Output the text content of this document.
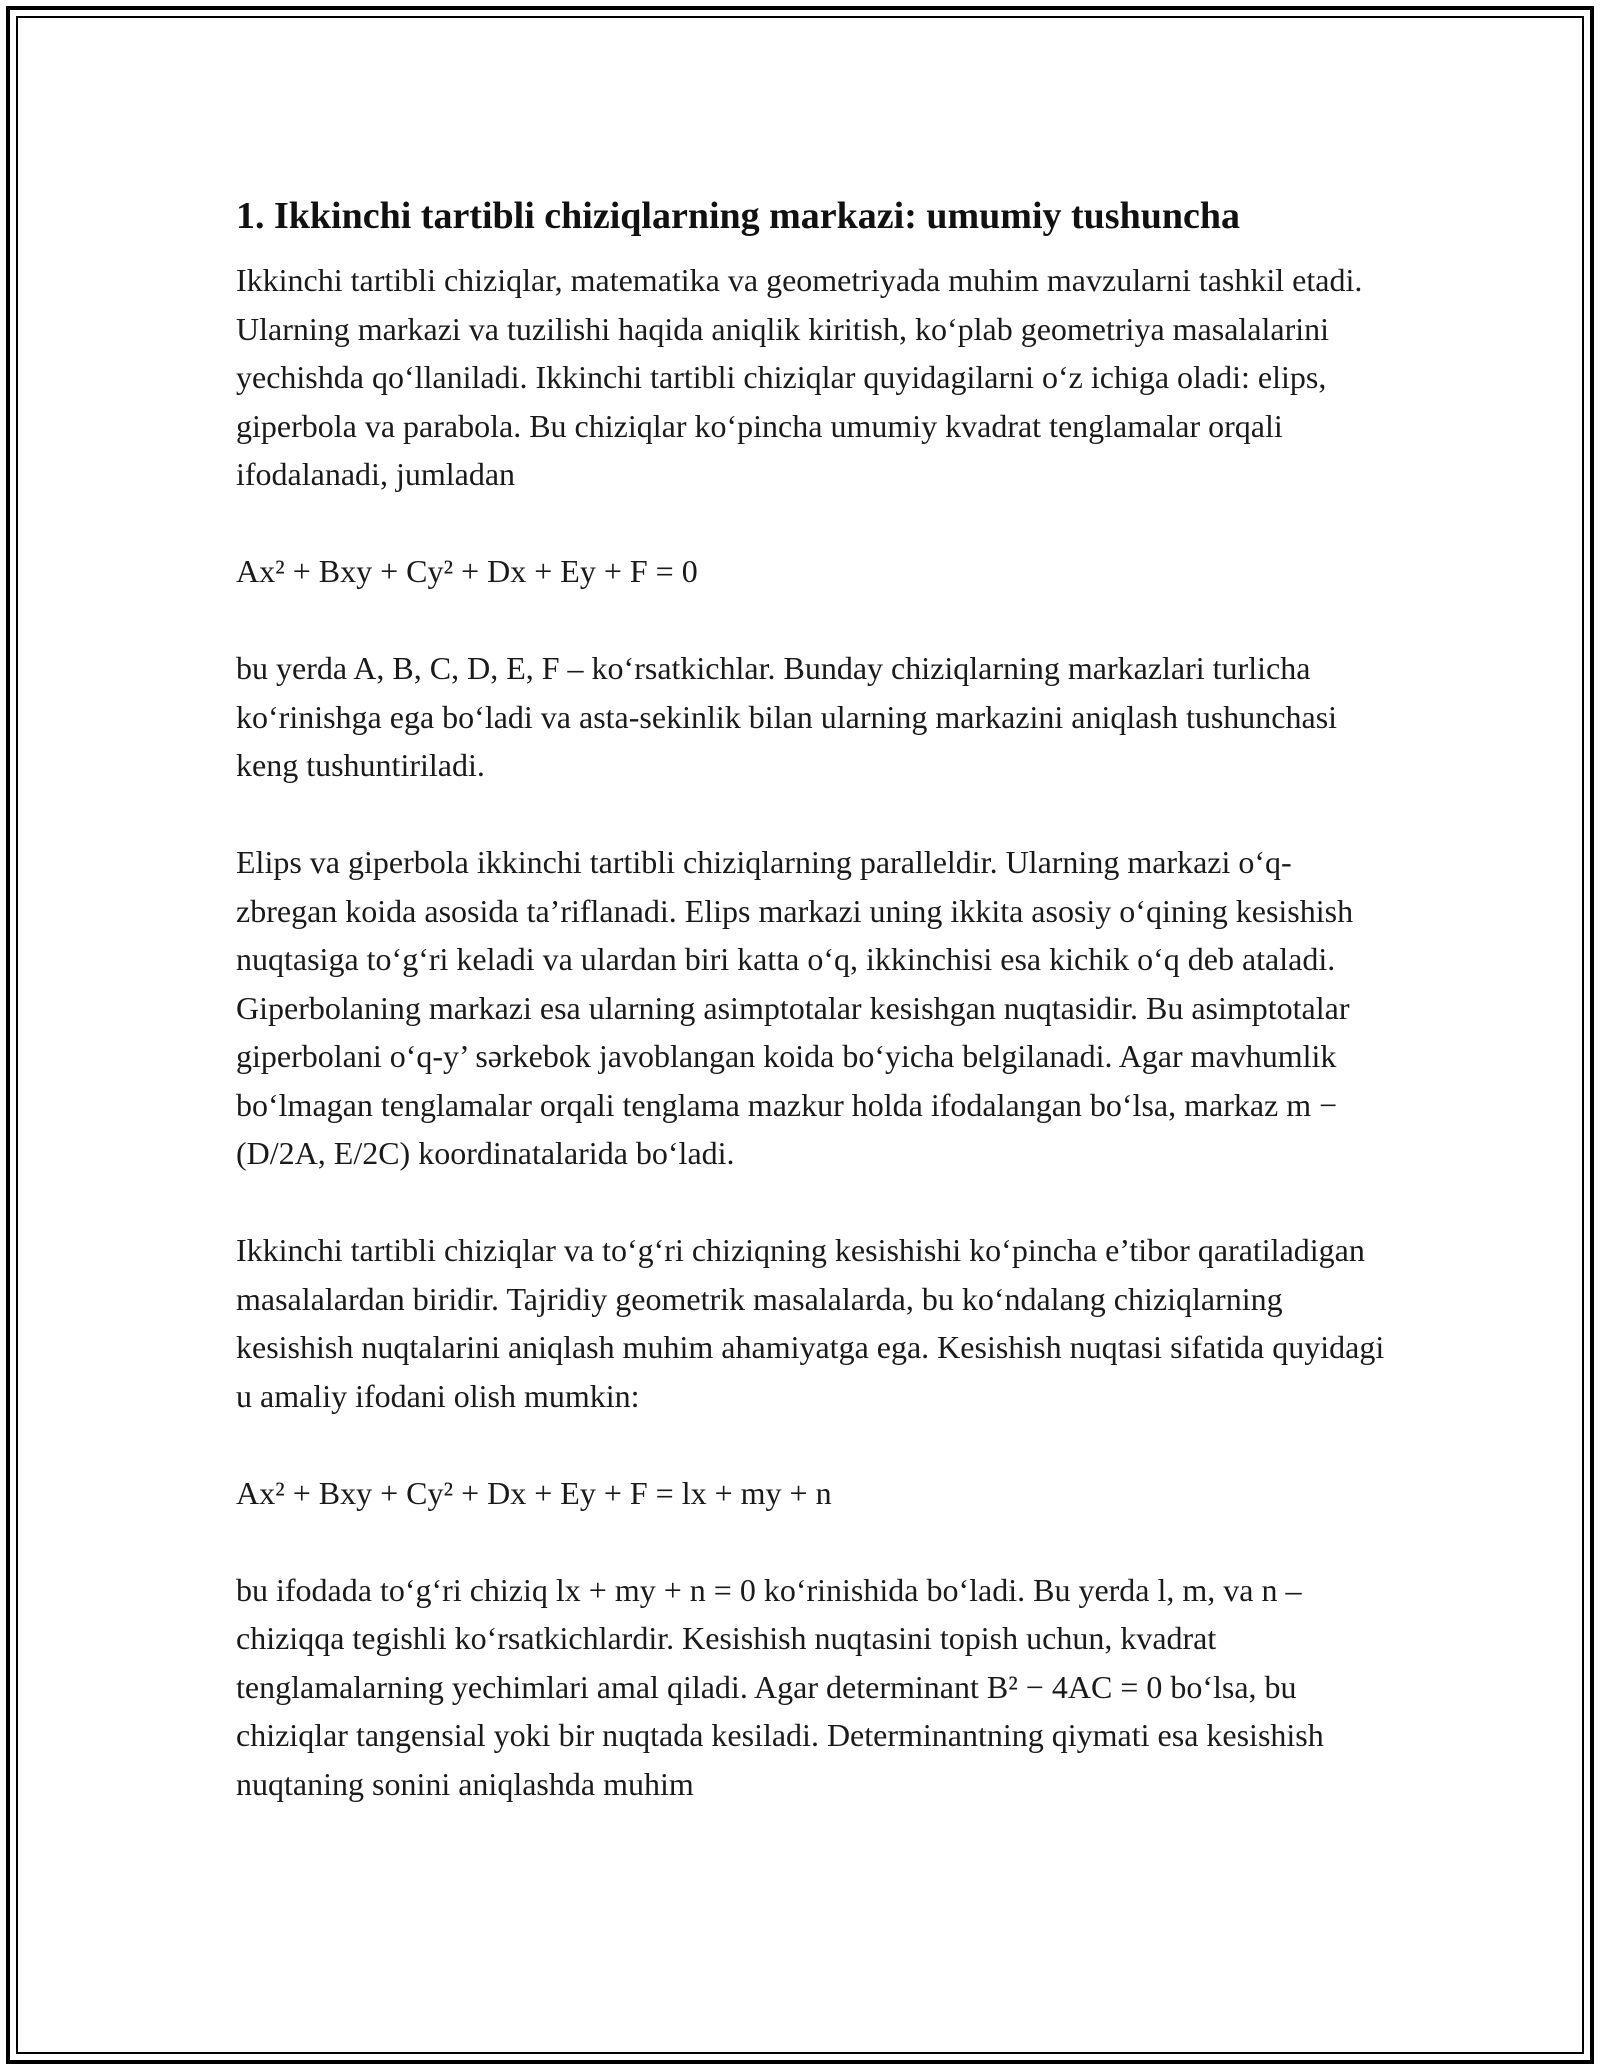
1. Ikkinchi tartibli chiziqlarning markazi: umumiy tushuncha

Ikkinchi tartibli chiziqlar, matematika va geometriyada muhim mavzularni tashkil etadi. Ularning markazi va tuzilishi haqida aniqlik kiritish, ko‘plab geometriya masalalarini yechishda qo‘llaniladi. Ikkinchi tartibli chiziqlar quyidagilarni o‘z ichiga oladi: elips, giperbola va parabola. Bu chiziqlar ko‘pincha umumiy kvadrat tenglamalar orqali ifodalanadi, jumladan

Ax² + Bxy + Cy² + Dx + Ey + F = 0

bu yerda A, B, C, D, E, F – ko‘rsatkichlar. Bunday chiziqlarning markazlari turlicha ko‘rinishga ega bo‘ladi va asta-sekinlik bilan ularning markazini aniqlash tushunchasi keng tushuntiriladi.

Elips va giperbola ikkinchi tartibli chiziqlarning paralleldir. Ularning markazi o‘q-zbregan koida asosida ta’riflanadi. Elips markazi uning ikkita asosiy o‘qining kesishish nuqtasiga to‘g‘ri keladi va ulardan biri katta o‘q, ikkinchisi esa kichik o‘q deb ataladi. Giperbolaning markazi esa ularning asimptotalar kesishgan nuqtasidir. Bu asimptotalar giperbolani o‘q-y’ sərkebok javoblangan koida bo‘yicha belgilanadi. Agar mavhumlik bo‘lmagan tenglamalar orqali tenglama mazkur holda ifodalangan bo‘lsa, markaz m −(D/2A, E/2C) koordinatalarida bo‘ladi.

Ikkinchi tartibli chiziqlar va to‘g‘ri chiziqning kesishishi ko‘pincha e’tibor qaratiladigan masalalardan biridir. Tajridiy geometrik masalalarda, bu ko‘ndalang chiziqlarning kesishish nuqtalarini aniqlash muhim ahamiyatga ega. Kesishish nuqtasi sifatida quyidagi u amaliy ifodani olish mumkin:

Ax² + Bxy + Cy² + Dx + Ey + F = lx + my + n

bu ifodada to‘g‘ri chiziq lx + my + n = 0 ko‘rinishida bo‘ladi. Bu yerda l, m, va n – chiziqqa tegishli ko‘rsatkichlardir. Kesishish nuqtasini topish uchun, kvadrat tenglamalarning yechimlari amal qiladi. Agar determinant B² − 4AC = 0 bo‘lsa, bu chiziqlar tangensial yoki bir nuqtada kesiladi. Determinantning qiymati esa kesishish nuqtaning sonini aniqlashda muhim
